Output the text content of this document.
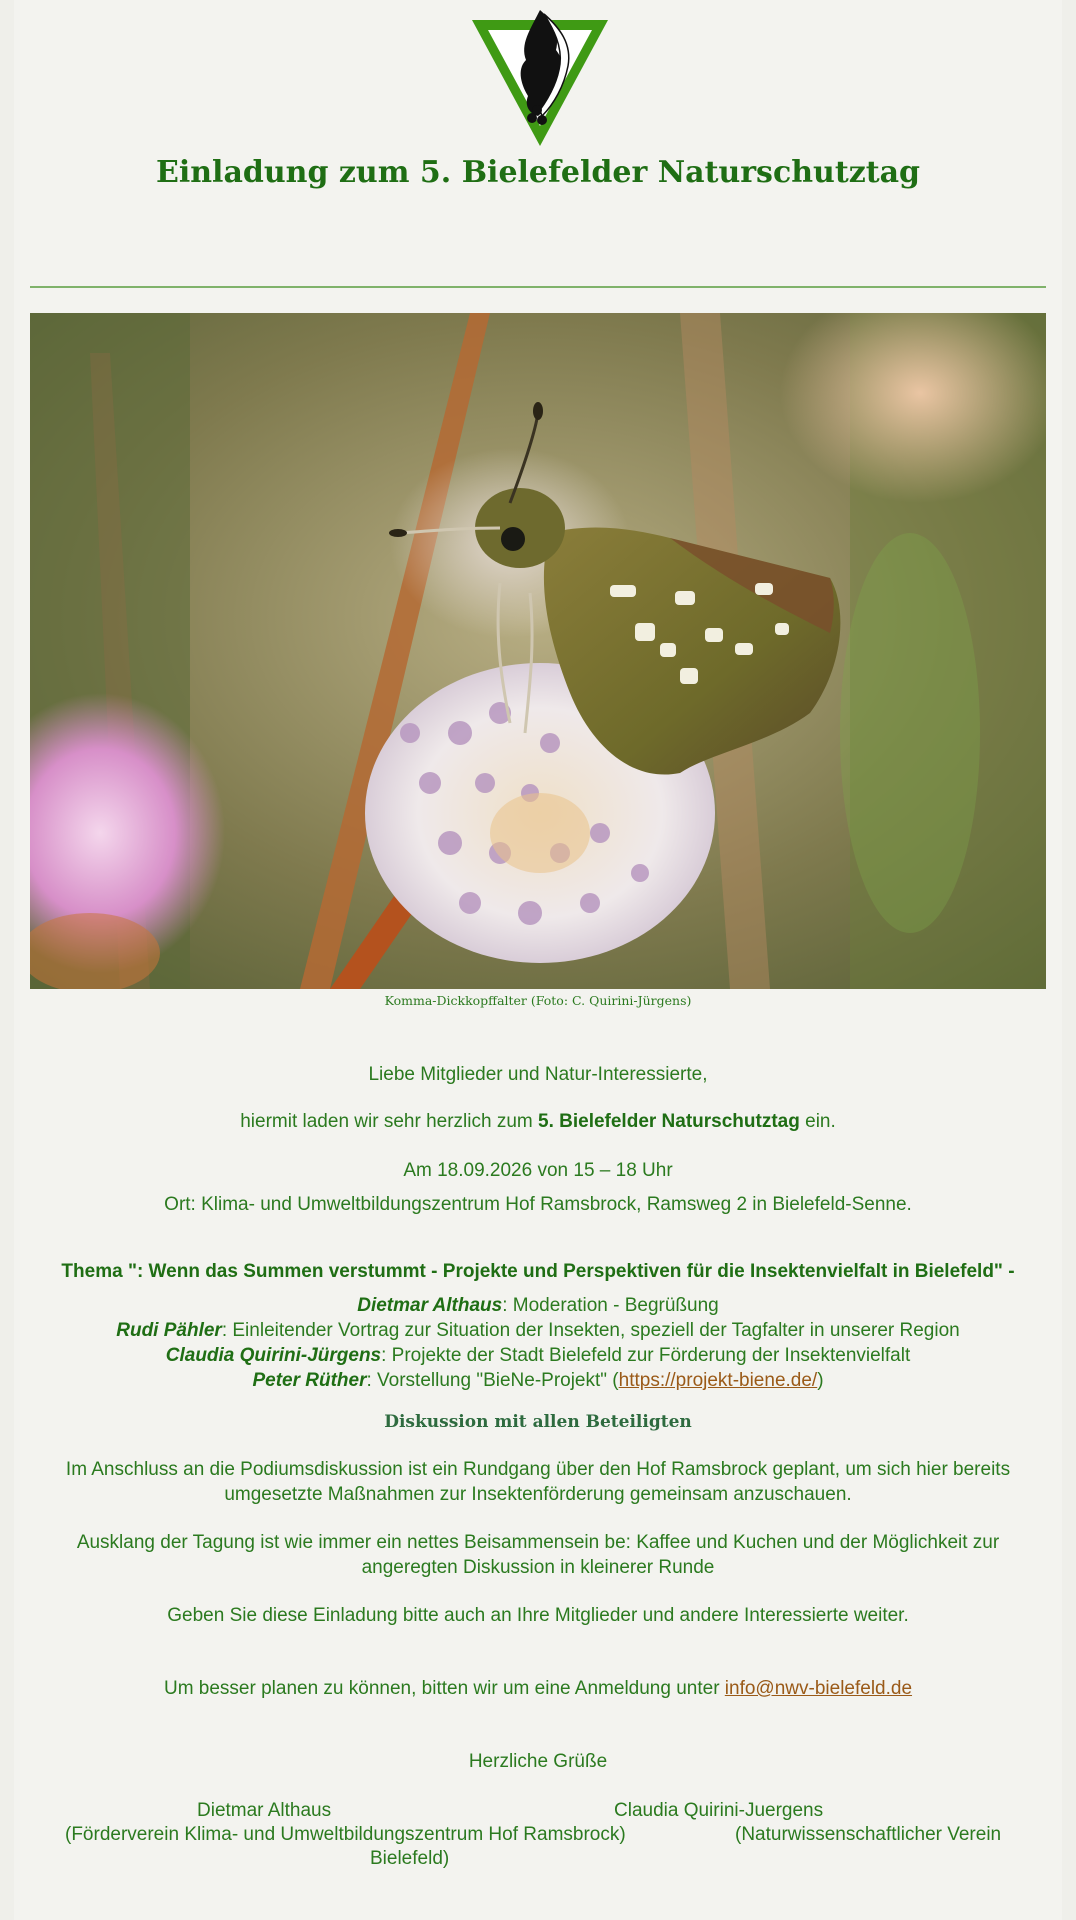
Einladung zum 5. Bielefelder Naturschutztag
Komma-Dickkopffalter (Foto: C. Quirini-Jürgens)
Liebe Mitglieder und Natur-Interessierte,
hiermit laden wir sehr herzlich zum 5. Bielefelder Naturschutztag ein.
Am 18.09.2026 von 15 – 18 Uhr
Ort: Klima- und Umweltbildungszentrum Hof Ramsbrock, Ramsweg 2 in Bielefeld-Senne.
Thema ": Wenn das Summen verstummt - Projekte und Perspektiven für die Insektenvielfalt in Bielefeld" -
Dietmar Althaus: Moderation - Begrüßung
Rudi Pähler: Einleitender Vortrag zur Situation der Insekten, speziell der Tagfalter in unserer Region
Claudia Quirini-Jürgens: Projekte der Stadt Bielefeld zur Förderung der Insektenvielfalt
Peter Rüther: Vorstellung "BieNe-Projekt" (https://projekt-biene.de/)
Diskussion mit allen Beteiligten
Im Anschluss an die Podiumsdiskussion ist ein Rundgang über den Hof Ramsbrock geplant, um sich hier bereits umgesetzte Maßnahmen zur Insektenförderung gemeinsam anzuschauen.
Ausklang der Tagung ist wie immer ein nettes Beisammensein be: Kaffee und Kuchen und der Möglichkeit zur angeregten Diskussion in kleinerer Runde
Geben Sie diese Einladung bitte auch an Ihre Mitglieder und andere Interessierte weiter.
Um besser planen zu können, bitten wir um eine Anmeldung unter info@nwv-bielefeld.de
Herzliche Grüße
Dietmar Althaus	Claudia Quirini-Juergens
(Förderverein Klima- und Umweltbildungszentrum Hof Ramsbrock)	(Naturwissenschaftlicher Verein
Bielefeld)
